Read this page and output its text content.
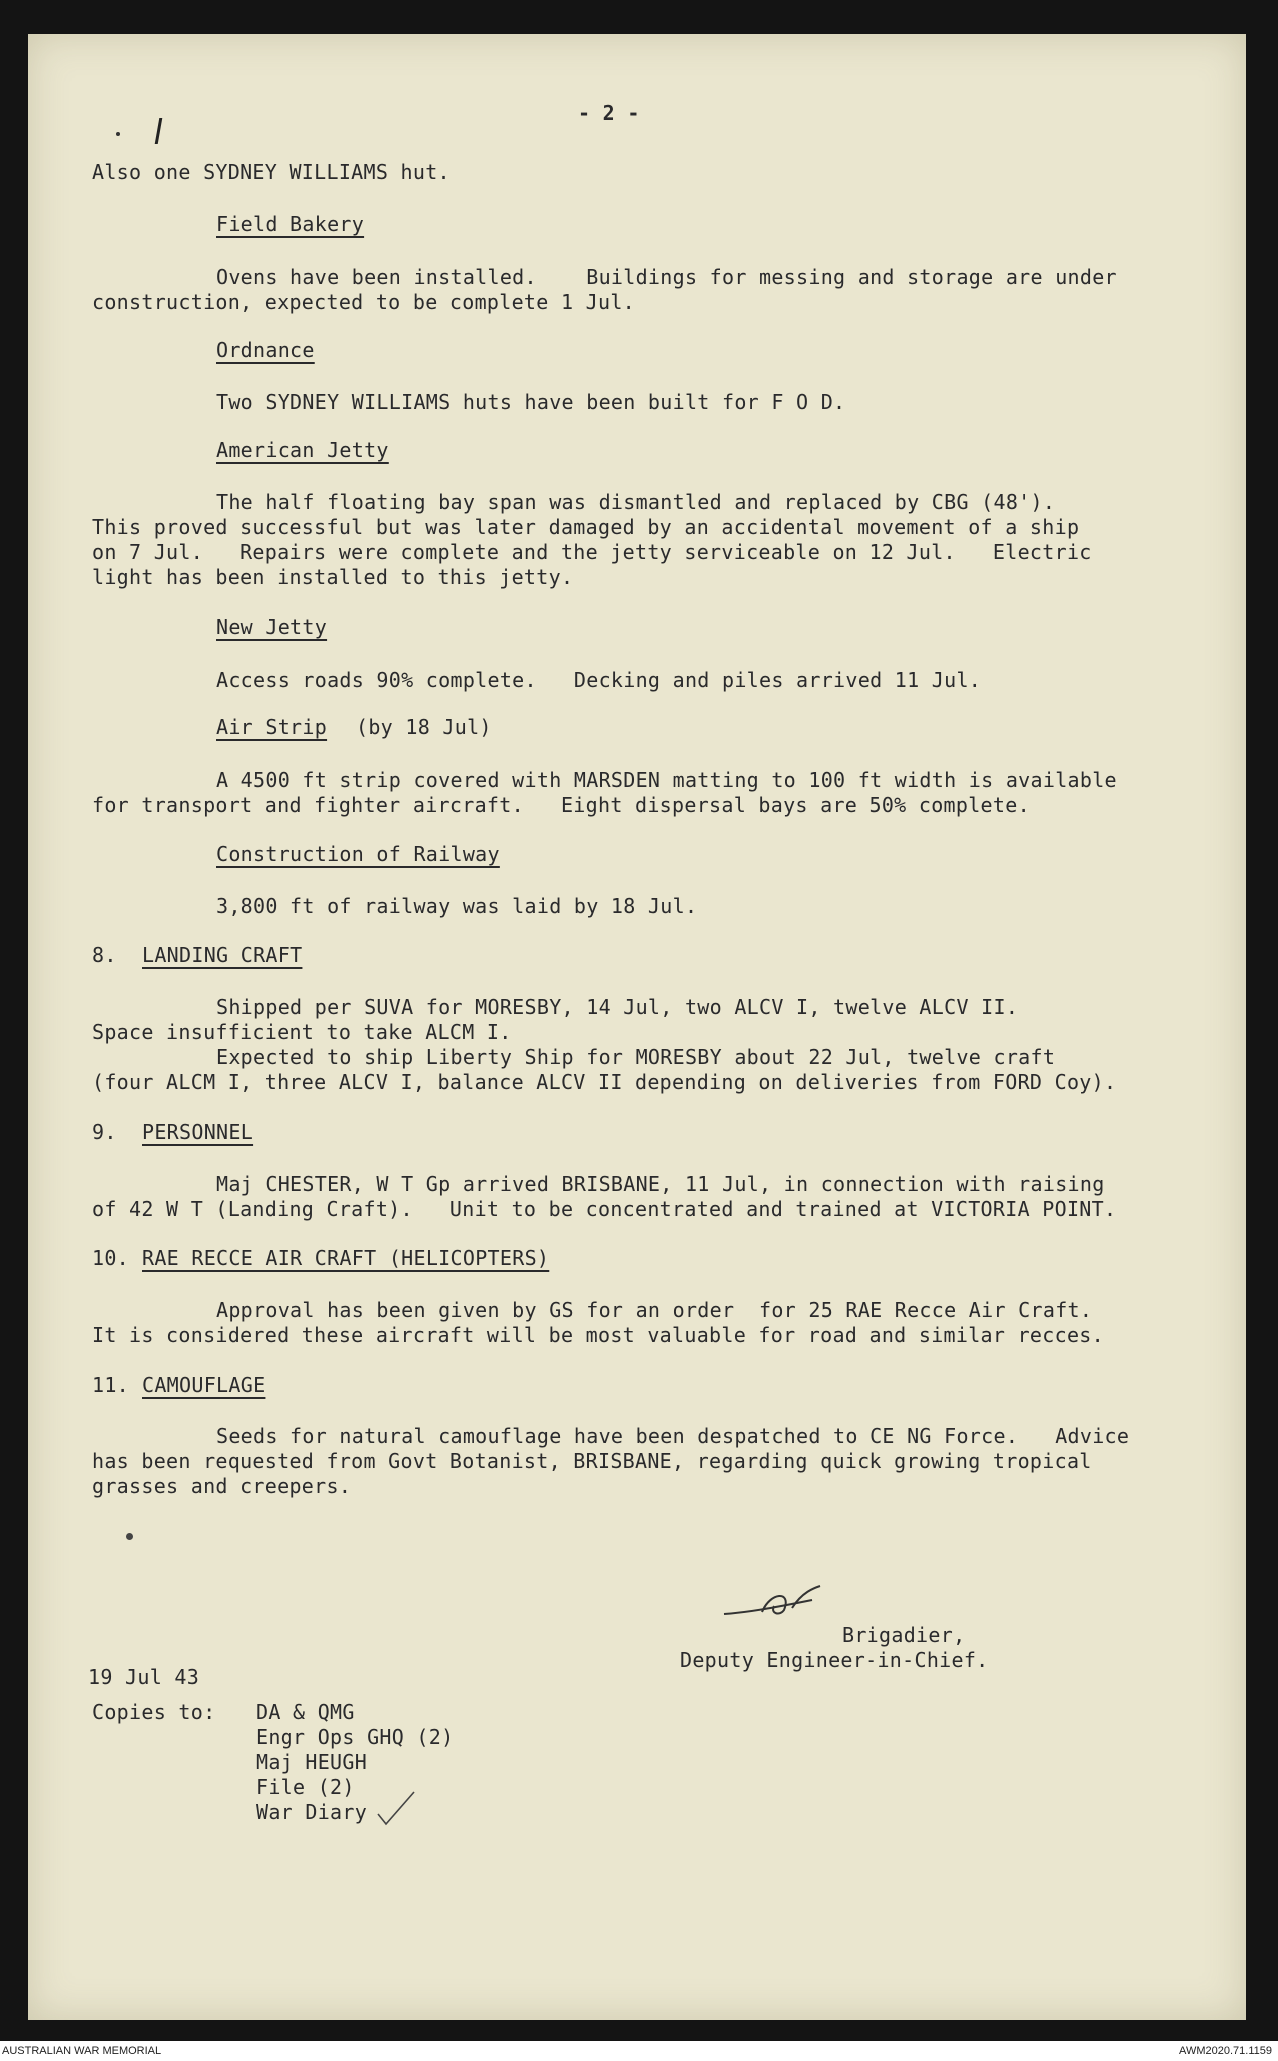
- 2 -
Also one SYDNEY WILLIAMS hut.
Field Bakery
Ovens have been installed.    Buildings for messing and storage are under
construction, expected to be complete 1 Jul.
Ordnance
Two SYDNEY WILLIAMS huts have been built for F O D.
American Jetty
The half floating bay span was dismantled and replaced by CBG (48').
This proved successful but was later damaged by an accidental movement of a ship
on 7 Jul.   Repairs were complete and the jetty serviceable on 12 Jul.   Electric
light has been installed to this jetty.
New Jetty
Access roads 90% complete.   Decking and piles arrived 11 Jul.
Air Strip (by 18 Jul)
A 4500 ft strip covered with MARSDEN matting to 100 ft width is available
for transport and fighter aircraft.   Eight dispersal bays are 50% complete.
Construction of Railway
3,800 ft of railway was laid by 18 Jul.
8. LANDING CRAFT
Shipped per SUVA for MORESBY, 14 Jul, two ALCV I, twelve ALCV II.
Space insufficient to take ALCM I.
Expected to ship Liberty Ship for MORESBY about 22 Jul, twelve craft
(four ALCM I, three ALCV I, balance ALCV II depending on deliveries from FORD Coy).
9. PERSONNEL
Maj CHESTER, W T Gp arrived BRISBANE, 11 Jul, in connection with raising
of 42 W T (Landing Craft).   Unit to be concentrated and trained at VICTORIA POINT.
10. RAE RECCE AIR CRAFT (HELICOPTERS)
Approval has been given by GS for an order  for 25 RAE Recce Air Craft.
It is considered these aircraft will be most valuable for road and similar recces.
11. CAMOUFLAGE
Seeds for natural camouflage have been despatched to CE NG Force.   Advice
has been requested from Govt Botanist, BRISBANE, regarding quick growing tropical
grasses and creepers.
Brigadier,
Deputy Engineer-in-Chief.
19 Jul 43
Copies to: DA & QMG
Engr Ops GHQ (2)
Maj HEUGH
File (2)
War Diary
AUSTRALIAN WAR MEMORIAL	AWM2020.71.1159
